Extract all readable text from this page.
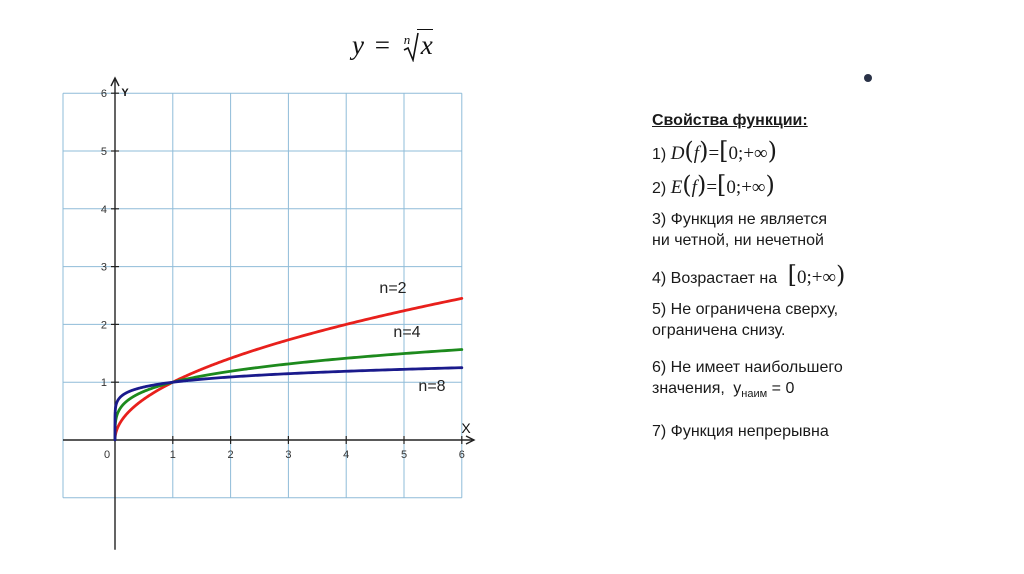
y = n x
0	1	2	3	4	5	6
1
2
3
4
5
6
X
Y
n=2
n=4
n=8
Свойства функции:
1) D(f)=[0;+∞)
2) E(f)=[0;+∞)
3) Функция не является
ни четной, ни нечетной
4) Возрастает на [0;+∞)
5) Не ограничена сверху,
ограничена снизу.
6) Не имеет наибольшего
значения, $у_{наим} = 0$
7) Функция непрерывна
